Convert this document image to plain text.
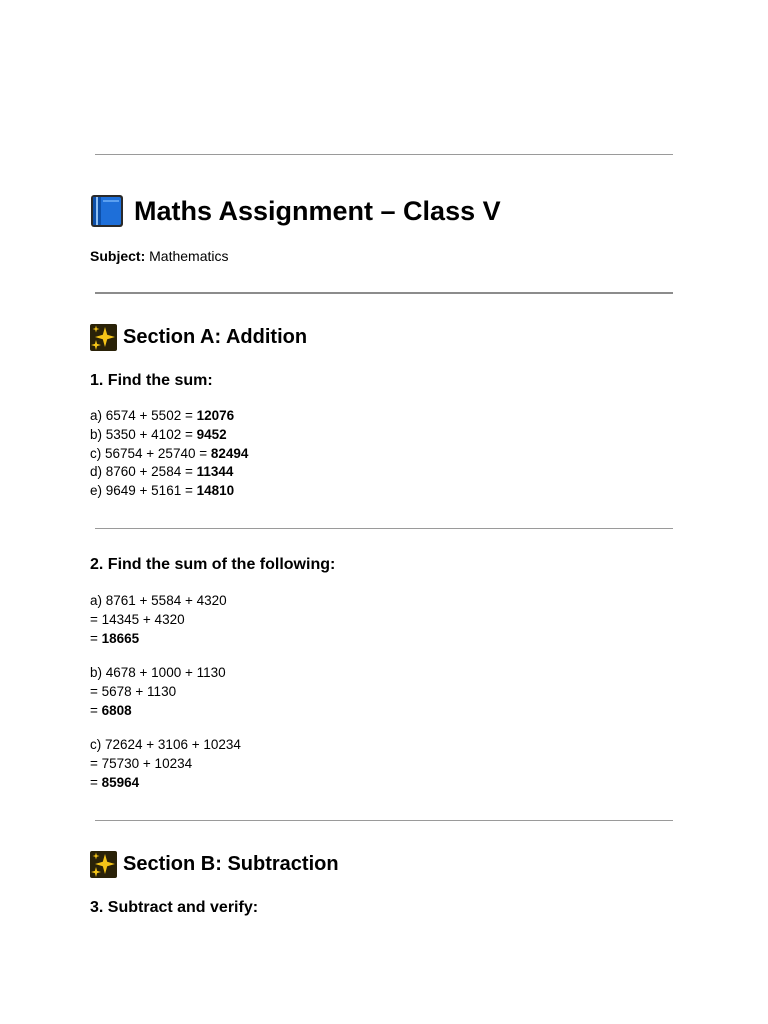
Maths Assignment – Class V
Subject: Mathematics
Section A: Addition
1. Find the sum:
a) 6574 + 5502 = 12076
b) 5350 + 4102 = 9452
c) 56754 + 25740 = 82494
d) 8760 + 2584 = 11344
e) 9649 + 5161 = 14810
2. Find the sum of the following:
a) 8761 + 5584 + 4320
= 14345 + 4320
= 18665
b) 4678 + 1000 + 1130
= 5678 + 1130
= 6808
c) 72624 + 3106 + 10234
= 75730 + 10234
= 85964
Section B: Subtraction
3. Subtract and verify:
